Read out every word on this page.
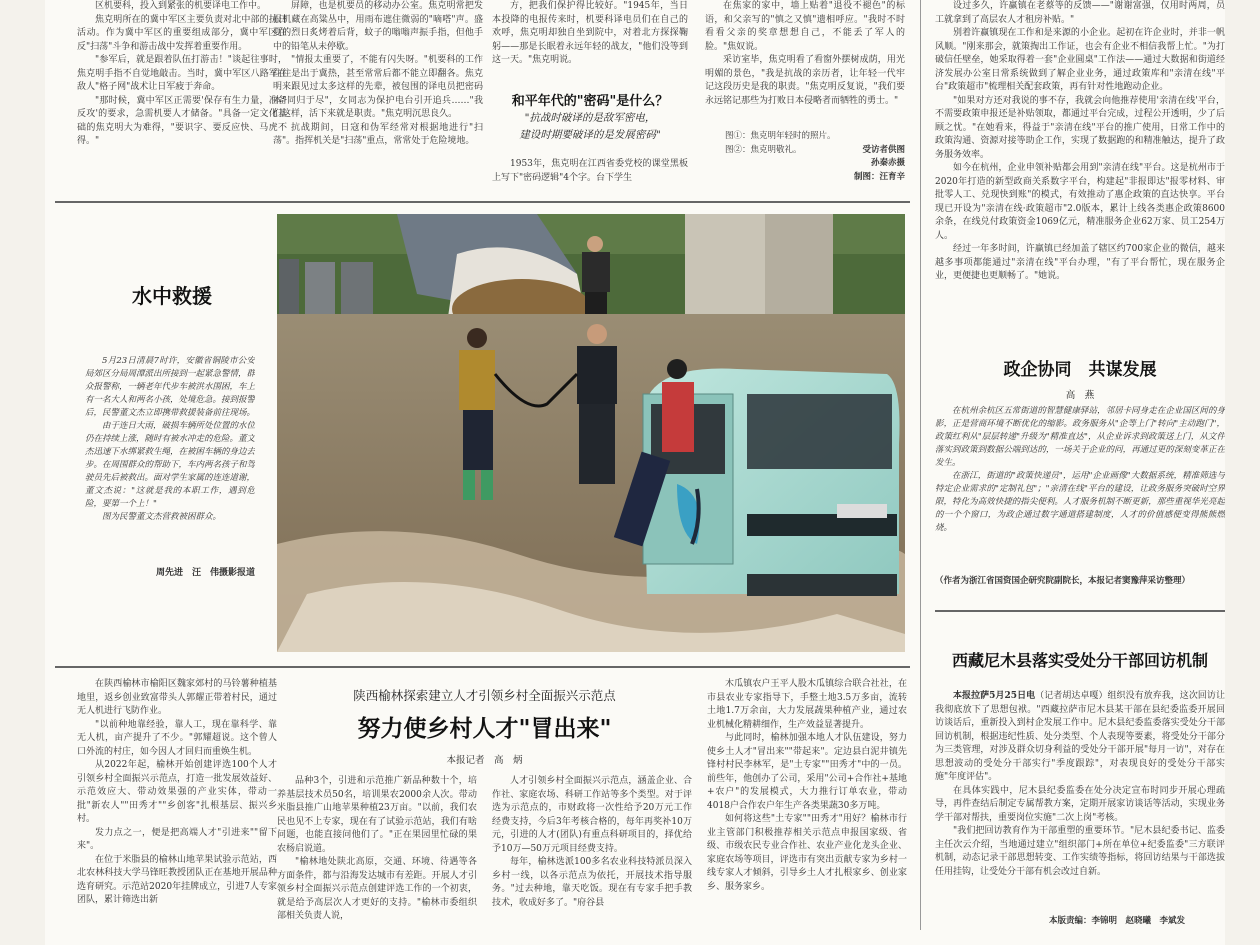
区机要科，投入到紧张的机要译电工作中。

焦克明所在的冀中军区主要负责对北中部的抗日活动。作为冀中军区的重要组成部分，冀中军区在反"扫荡"斗争和游击战中发挥着重要作用。

"参军后，就是跟着队伍打游击！"谈起往事时，焦克明手指不自觉地敲击。当时，冀中军区八路军在敌人"格子网"战术让日军疲于奔命。

"那时候，冀中军区正需要'保存有生力量，准备反攻'的要求，急需机要人才储备。"具备一定文化基础的焦克明大为难得，"要识字、要反应快、马虎不得。"

屏障，也是机要员的移动办公室。焦克明常把发报机藏在高粱丛中，用雨布遮住微弱的"嘀嗒"声。盛夏的烈日炙烤着后背，蚊子的嗡嗡声振手指，但他手中的铅笔从未停歇。

"情报太重要了，不能有闪失呀。"机要科的工作往往是出于冀热，甚至常常后都不能立即翻各。焦克明来跟见过太多这样的先辈，被包围的译电员把密码本"同归于尽"，女同志为保护电台引开追兵……"我们这样，活下来就是职责。"焦克明沉思良久。

抗战期间，日寇和伪军经常对根据地进行"扫荡"。指挥机关是"扫荡"重点，常常处于危险境地。

方，把我们保护得比较好。"1945年，当日本投降的电报传来时，机要科译电员们在自己的欢呼，焦克明却独自坐到院中，对着北方探探鞠躬——那是长眠着永远年轻的战友，"他们没等到这一天。"焦克明说。

和平年代的"密码"是什么？
"抗战时破译的是敌军密电，
建设时期要破译的是发展密码"

1953年，焦克明在江西省委党校的课堂黑板上写下"密码逻辑"4个字。台下学生

在焦家的家中，墙上贴着"退役不褪色"的标语，和父亲写的"慎之又慎"遗相呼应。"我时不时看看父亲的奖章想想自己，不能丢了军人的脸。"焦奴说。

采访室毕，焦克明看了看窗外摆树成荫，用光明媚的景色，"我是抗战的亲历者，让年轻一代牢记这段历史是我的职责。"焦克明反复说，"我们要永远铭记那些为打败日本侵略者而牺牲的勇士。"

图①：焦克明年轻时的照片。
图②：焦克明敬礼。	受访者供图
孙秦赤摄
制图：汪育辛

设过多久，许赢镇在老蔡等的反馈——"谢谢富强，仅用时两周，员工就拿到了高层农人才租房补贴。"

别着许赢镇现在工作和是来源的小企业。起初在许企业时，并非一帆风顺。"刚来那会，就策掏出工作证，也会有企业不相信我帮上忙。"为打破信任壁垒，她采取得着一套"企业圆桌"工作法——通过大数据和街道经济发展办公室日常系统做到了解企业业务，通过政策库和"亲清在线"平台"政策超市"梳理相关配套政策，再有针对性地跑动企业。

"如果对方还对我说的事不存，我就会向他推荐使用'亲清在线'平台，不需要政策申报还是补贴领取，都通过平台完成，过程公开透明，少了后顾之忧。"在她看来，得益于"亲清在线"平台的推广使用，日常工作中的政策沟通、资源对接等助企工作，实现了数据跑的和精准触达，提升了政务服务效率。

如今在杭州，企业申领补贴都会用到"亲清在线"平台。这是杭州市于2020年打造的新型政商关系数字平台，构建起"非报即达"报零材料、审批零人工、兑现快到账"的模式，有效推动了惠企政策的直达快享。平台现已开设为"亲清在线·政策超市"2.0版本，累计上线各类惠企政策8600余条，在线兑付政策资金1069亿元，精准服务企业62万家、员工254万人。

经过一年多时间，许赢镇已经加盖了辖区约700家企业的微信，越来越多事项都能通过"亲清在线"平台办理，"有了平台帮忙，现在服务企业，更便捷也更顺畅了。"她说。

水中救援

5月23日清晨7时许，安徽省铜陵市公安局郊区分局周潭派出所接到一起紧急警情，群众报警称，一辆老年代步车被洪水围困，车上有一名大人和两名小孩，处境危急。接到报警后，民警董文杰立即携带救援装备前往现场。

由于连日大雨，破损车辆所处位置的水位仍在持续上涨，随时有被水冲走的危险。董文杰迅速下水绑紧救生绳，在被困车辆的身边去步。在周围群众的帮助下，车内两名孩子和驾驶员先后被救出。面对学生家属的连连道谢，董文杰说："这就是我的本职工作，遇到危险，要第一个上！"

图为民警董文杰营救被困群众。

周先进　汪　伟摄影报道
政企协同　共谋发展
高　燕

在杭州余杭区五常街道的智慧健康驿站，邻居卡同身走在企业国区间的身影，正是营商环境不断优化的缩影。政务服务从"企等上门"转向"主动跑门"，政策红利从"层层转递"升级为"精准直达"，从企业诉求到政策送上门，从文件落实到政策到数据公端到达的，一场关于企业的问，再通过更的深刻变革正在发生。

在浙江，街道的"政策快递员"，运用"企业画像"大数据系统，精准筛选与特定企业需求的"定制礼包"；"亲清在线"平台的建设，让政务服务突破时空界限，特化为高效快捷的指尖便利。人才服务机制不断更新，那些重视华光亮起的一个个窗口，为政企通过数字通道搭建制度，人才的价值感便变得熊熊燃烧。

（作者为浙江省国资国企研究院副院长，本报记者窦豫萍采访整理）
西藏尼木县落实受处分干部回访机制

本报拉萨5月25日电（记者胡达卓嘎）组织没有放弃我，这次回访让我彻底放下了思想包袱。"西藏拉萨市尼木县某干部在县纪委监委开展回访谈话后，重新投入到村企发展工作中。尼木县纪委监委落实受处分干部回访机制，根据违纪性质、处分类型、个人表现等要素，将受处分干部分为三类管理，对涉及群众切身利益的受处分干部开展"每月一访"，对存在思想波动的受处分干部实行"季度跟踪"，对表现良好的受处分干部实施"年度评估"。

在具体实践中，尼木县纪委监委在处分决定宣布时同步开展心理疏导，再件查结后制定专属帮教方案，定期开展家访谈话等活动，实现业务学干部对帮扶，重要岗位实施"二次上岗"考核。

"我们把回访教育作为干部重塑的重要环节。"尼木县纪委书记、监委主任次云介绍，当地通过建立"组织部门+所在单位+纪委监委"三方联评机制，动态记录干部思想转变、工作实绩等指标，将回访结果与干部选拔任用挂钩，让受处分干部有机会改过自新。

本版责编：李锦明　赵晓曦　李斌发

在陕西榆林市榆阳区魏家郊村的马铃薯种植基地里，返乡创业致富带头人郭耀正带着村民，通过无人机进行飞防作业。

"以前种地靠经验，靠人工，现在靠科学、靠无人机，亩产提升了不少。"郭耀超说。这个曾人口外流的村庄，如今因人才回归而重焕生机。

从2022年起，榆林开始创建评选100个人才引领乡村全面振兴示范点，打造一批发展效益好、示范效应大、带动效果强的产业实体，带动一批"新农人""田秀才""乡创客"扎根基层、振兴乡村。

发力点之一，便是把高端人才"引进来""留下来"。

在位于米脂县的榆林山地苹果试验示范站，西北农林科技大学马锋旺教授团队正在基地开展品种选育研究。示范站2020年挂牌成立，引进7人专家团队，累计筛选出新

陕西榆林探索建立人才引领乡村全面振兴示范点
努力使乡村人才"冒出来"
本报记者　高　炳

品种3个，引进和示范推广新品种数十个，培养基层技术员50名，培训果农2000余人次。带动米脂县推广山地苹果种植23万亩。"以前，我们农民也见不上专家，现在有了试验示范站，我们有啥问题，也能直接问他们了。"正在果园里忙碌的果农杨启说道。

"榆林地处陕北高原，交通、环境、待遇等各方面条件，都与沿海发达城市有差距。开展人才引领乡村全面振兴示范点创建评选工作的一个初衷，就是给予高层次人才更好的支持。"榆林市委组织部相关负责人说，

人才引领乡村全面振兴示范点，涵盖企业、合作社、家庭农场、科研工作站等多个类型。对于评选为示范点的，市财政将一次性给予20万元工作经费支持，今后3年考核合格的，每年再奖补10万元，引进的人才(团队)有重点科研项目的，择优给予10万—50万元项目经费支持。

每年，榆林选派100多名农业科技特派员深入乡村一线，以各示范点为依托，开展技术指导服务。"过去种地，靠天吃饭。现在有专家手把手教技术，收成好多了。"府谷县

木瓜镇农户王平人股木瓜镇综合联合社社，在市县农业专家指导下，手整土地3.5万多亩，流转土地1.7万余亩，大力发展蔬果种植产业，通过农业机械化精耕细作，生产效益显著提升。

与此同时，榆林加强本地人才队伍建设，努力使乡土人才"冒出来""带起来"。定边县白泥井镇先锋村村民李林军，是"土专家""田秀才"中的一员。前些年，他创办了公司，采用"公司+合作社+基地+农户"的发展模式，大力推行订单农业，带动4018户合作农户年生产各类果蔬30多万吨。

如何将这些"土专家""田秀才"用好？榆林市行业主管部门积极推荐相关示范点申报国家级、省级、市级农民专业合作社、农业产业化龙头企业、家庭农场等项目，评选市有突出贡献专家为乡村一线专家人才倾斜，引导乡土人才扎根家乡、创业家乡、服务家乡。
